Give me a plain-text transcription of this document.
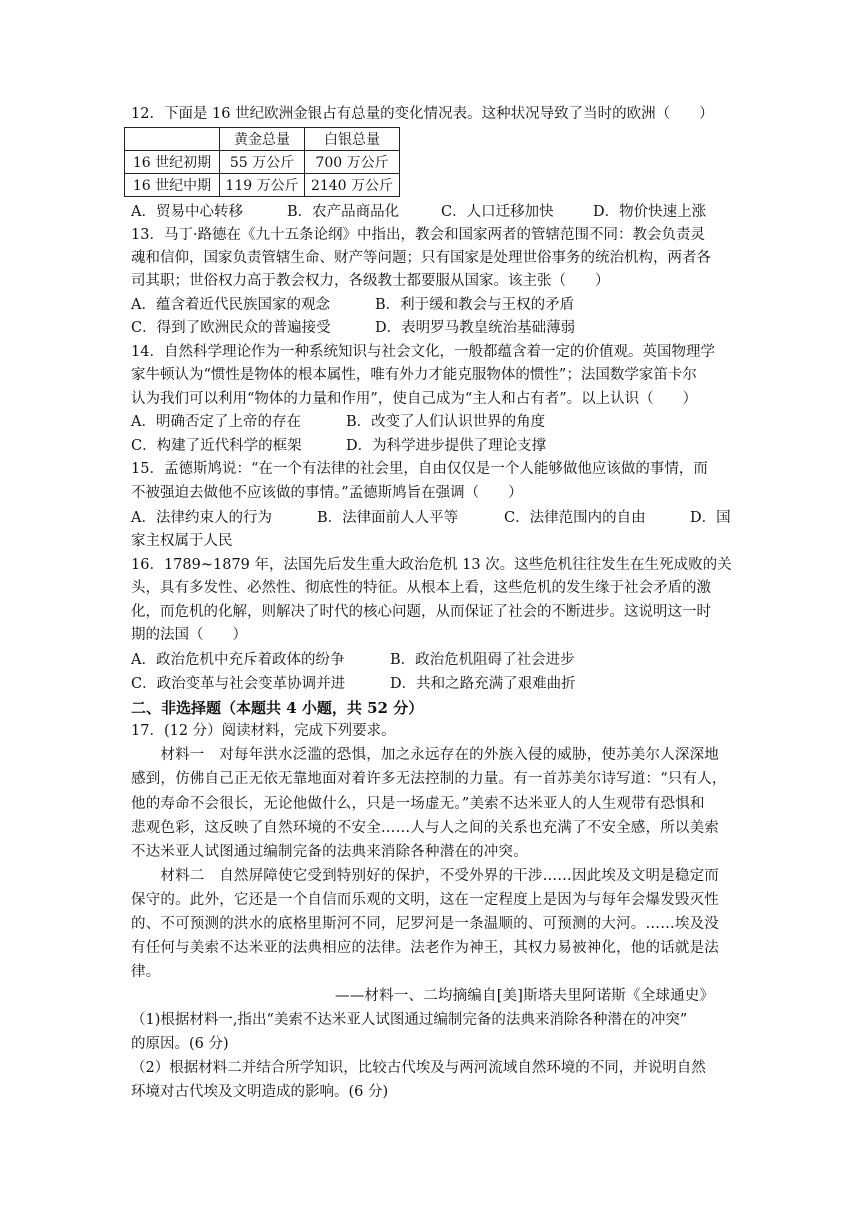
12．下面是 16 世纪欧洲金银占有总量的变化情况表。这种状况导致了当时的欧洲（　　）
	黄金总量	白银总量
16 世纪初期	55 万公斤	700 万公斤
16 世纪中期	119 万公斤	2140 万公斤
A．贸易中心转移	B．农产品商品化	C．人口迁移加快	D．物价快速上涨
13．马丁·路德在《九十五条论纲》中指出，教会和国家两者的管辖范围不同：教会负责灵
魂和信仰，国家负责管辖生命、财产等问题；只有国家是处理世俗事务的统治机构，两者各
司其职；世俗权力高于教会权力，各级教士都要服从国家。该主张（　　）
A．蕴含着近代民族国家的观念	B．利于缓和教会与王权的矛盾
C．得到了欧洲民众的普遍接受	D．表明罗马教皇统治基础薄弱
14．自然科学理论作为一种系统知识与社会文化，一般都蕴含着一定的价值观。英国物理学
家牛顿认为“惯性是物体的根本属性，唯有外力才能克服物体的惯性”；法国数学家笛卡尔
认为我们可以利用“物体的力量和作用”，使自己成为“主人和占有者”。以上认识（　　）
A．明确否定了上帝的存在	B．改变了人们认识世界的角度
C．构建了近代科学的框架	D．为科学进步提供了理论支撑
15．孟德斯鸠说：“在一个有法律的社会里，自由仅仅是一个人能够做他应该做的事情，而
不被强迫去做他不应该做的事情。”孟德斯鸠旨在强调（　　）
A．法律约束人的行为	B．法律面前人人平等	C．法律范围内的自由	D．国
家主权属于人民
16．1789~1879 年，法国先后发生重大政治危机 13 次。这些危机往往发生在生死成败的关
头，具有多发性、必然性、彻底性的特征。从根本上看，这些危机的发生缘于社会矛盾的激
化，而危机的化解，则解决了时代的核心问题，从而保证了社会的不断进步。这说明这一时
期的法国（　　）
A．政治危机中充斥着政体的纷争	B．政治危机阻碍了社会进步
C．政治变革与社会变革协调并进	D．共和之路充满了艰难曲折
二、非选择题（本题共 4 小题，共 52 分）
17．(12 分）阅读材料，完成下列要求。
　　材料一　对每年洪水泛滥的恐惧，加之永远存在的外族入侵的威胁，使苏美尔人深深地
感到，仿佛自己正无依无靠地面对着许多无法控制的力量。有一首苏美尔诗写道：“只有人，
他的寿命不会很长，无论他做什么，只是一场虚无。”美索不达米亚人的人生观带有恐惧和
悲观色彩，这反映了自然环境的不安全……人与人之间的关系也充满了不安全感，所以美索
不达米亚人试图通过编制完备的法典来消除各种潜在的冲突。
　　材料二　自然屏障使它受到特别好的保护，不受外界的干涉……因此埃及文明是稳定而
保守的。此外，它还是一个自信而乐观的文明，这在一定程度上是因为与每年会爆发毁灭性
的、不可预测的洪水的底格里斯河不同，尼罗河是一条温顺的、可预测的大河。……埃及没
有任何与美索不达米亚的法典相应的法律。法老作为神王，其权力易被神化，他的话就是法
律。
——材料一、二均摘编自[美]斯塔夫里阿诺斯《全球通史》
（1)根据材料一,指出“美索不达米亚人试图通过编制完备的法典来消除各种潜在的冲突”
的原因。(6 分)
（2）根据材料二并结合所学知识，比较古代埃及与两河流域自然环境的不同，并说明自然
环境对古代埃及文明造成的影响。(6 分)
